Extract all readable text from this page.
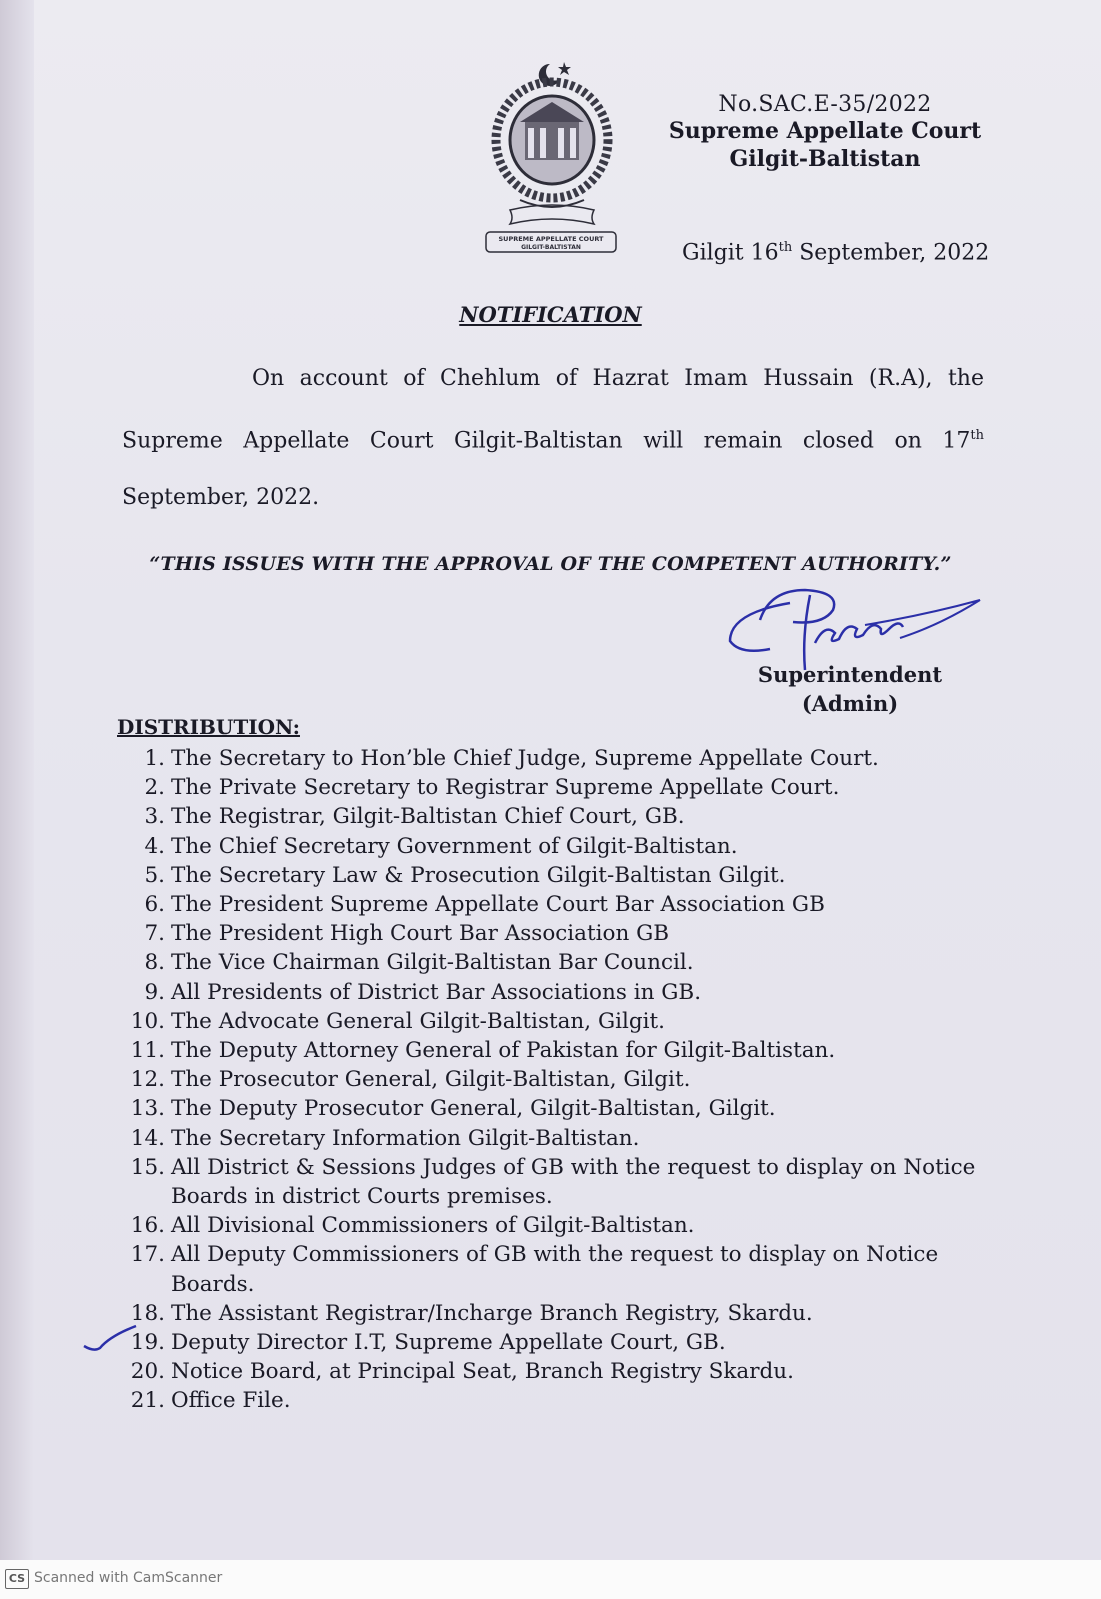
SUPREME APPELLATE COURT
GILGIT-BALTISTAN
No.SAC.E-35/2022
Supreme Appellate Court
Gilgit-Baltistan
Gilgit 16th September, 2022
NOTIFICATION

On account of Chehlum of Hazrat Imam Hussain (R.A), the Supreme Appellate Court Gilgit-Baltistan will remain closed on 17th September, 2022.

“THIS ISSUES WITH THE APPROVAL OF THE COMPETENT AUTHORITY.”
Superintendent
(Admin)
DISTRIBUTION:
1. The Secretary to Hon’ble Chief Judge, Supreme Appellate Court.
2. The Private Secretary to Registrar Supreme Appellate Court.
3. The Registrar, Gilgit-Baltistan Chief Court, GB.
4. The Chief Secretary Government of Gilgit-Baltistan.
5. The Secretary Law & Prosecution Gilgit-Baltistan Gilgit.
6. The President Supreme Appellate Court Bar Association GB
7. The President High Court Bar Association GB
8. The Vice Chairman Gilgit-Baltistan Bar Council.
9. All Presidents of District Bar Associations in GB.
10. The Advocate General Gilgit-Baltistan, Gilgit.
11. The Deputy Attorney General of Pakistan for Gilgit-Baltistan.
12. The Prosecutor General, Gilgit-Baltistan, Gilgit.
13. The Deputy Prosecutor General, Gilgit-Baltistan, Gilgit.
14. The Secretary Information Gilgit-Baltistan.
15. All District & Sessions Judges of GB with the request to display on Notice Boards in district Courts premises.
16. All Divisional Commissioners of Gilgit-Baltistan.
17. All Deputy Commissioners of GB with the request to display on Notice Boards.
18. The Assistant Registrar/Incharge Branch Registry, Skardu.
19. Deputy Director I.T, Supreme Appellate Court, GB.
20. Notice Board, at Principal Seat, Branch Registry Skardu.
21. Office File.
CS Scanned with CamScanner
